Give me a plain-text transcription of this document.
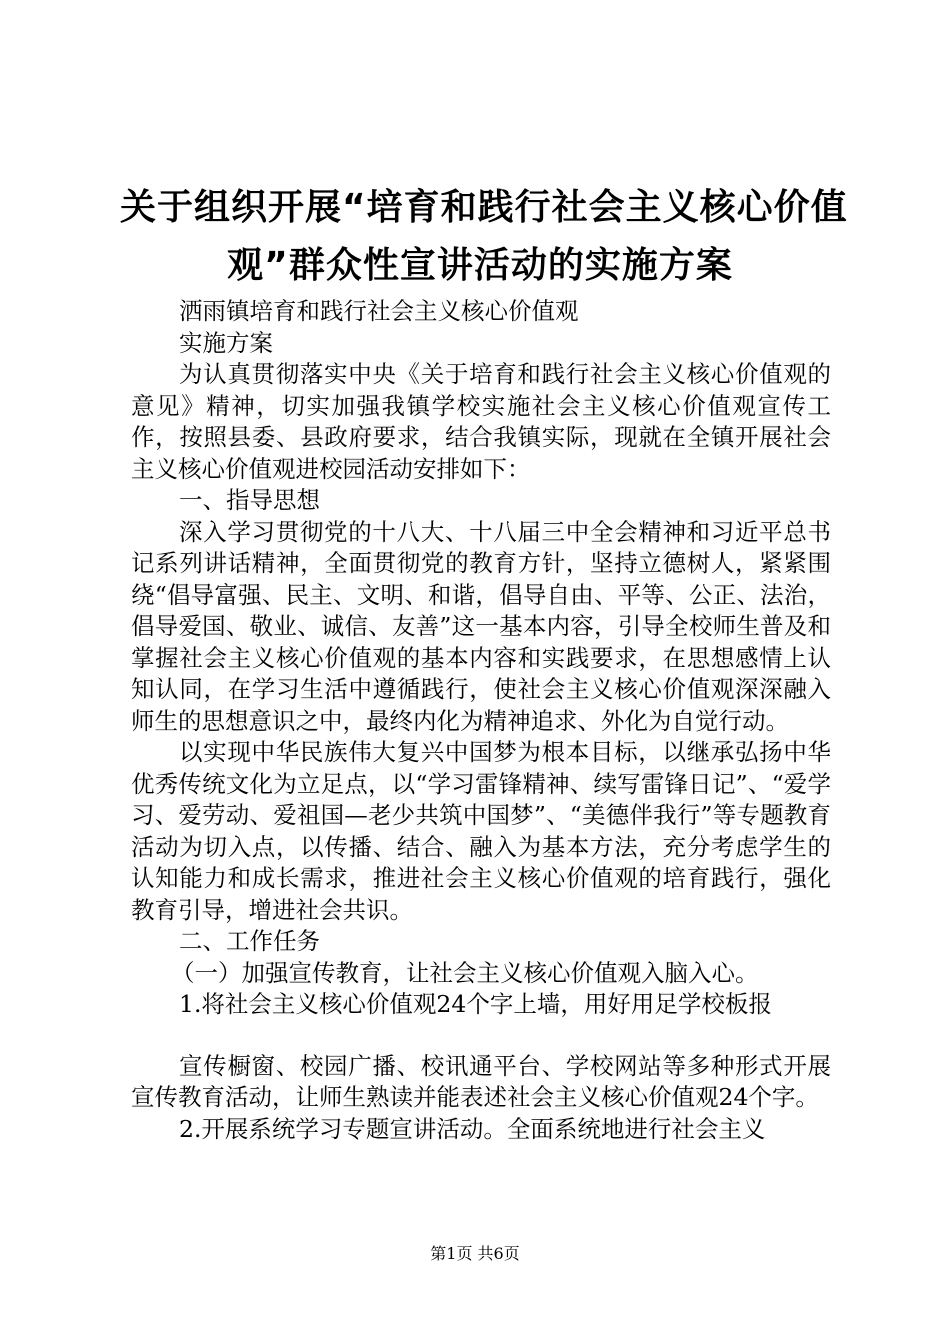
关于组织开展“培育和践行社会主义核心价值
观”群众性宣讲活动的实施方案

洒雨镇培育和践行社会主义核心价值观

实施方案

为认真贯彻落实中央《关于培育和践行社会主义核心价值观的意见》精神，切实加强我镇学校实施社会主义核心价值观宣传工作，按照县委、县政府要求，结合我镇实际，现就在全镇开展社会主义核心价值观进校园活动安排如下：

一、指导思想

深入学习贯彻党的十八大、十八届三中全会精神和习近平总书记系列讲话精神，全面贯彻党的教育方针，坚持立德树人，紧紧围绕“倡导富强、民主、文明、和谐，倡导自由、平等、公正、法治，倡导爱国、敬业、诚信、友善”这一基本内容，引导全校师生普及和掌握社会主义核心价值观的基本内容和实践要求，在思想感情上认知认同，在学习生活中遵循践行，使社会主义核心价值观深深融入师生的思想意识之中，最终内化为精神追求、外化为自觉行动。

以实现中华民族伟大复兴中国梦为根本目标，以继承弘扬中华优秀传统文化为立足点，以“学习雷锋精神、续写雷锋日记”、“爱学习、爱劳动、爱祖国—老少共筑中国梦”、“美德伴我行”等专题教育活动为切入点，以传播、结合、融入为基本方法，充分考虑学生的认知能力和成长需求，推进社会主义核心价值观的培育践行，强化教育引导，增进社会共识。

二、工作任务

（一）加强宣传教育，让社会主义核心价值观入脑入心。

1.将社会主义核心价值观24个字上墙，用好用足学校板报

宣传橱窗、校园广播、校讯通平台、学校网站等多种形式开展宣传教育活动，让师生熟读并能表述社会主义核心价值观24个字。

2.开展系统学习专题宣讲活动。全面系统地进行社会主义

第1页 共6页
